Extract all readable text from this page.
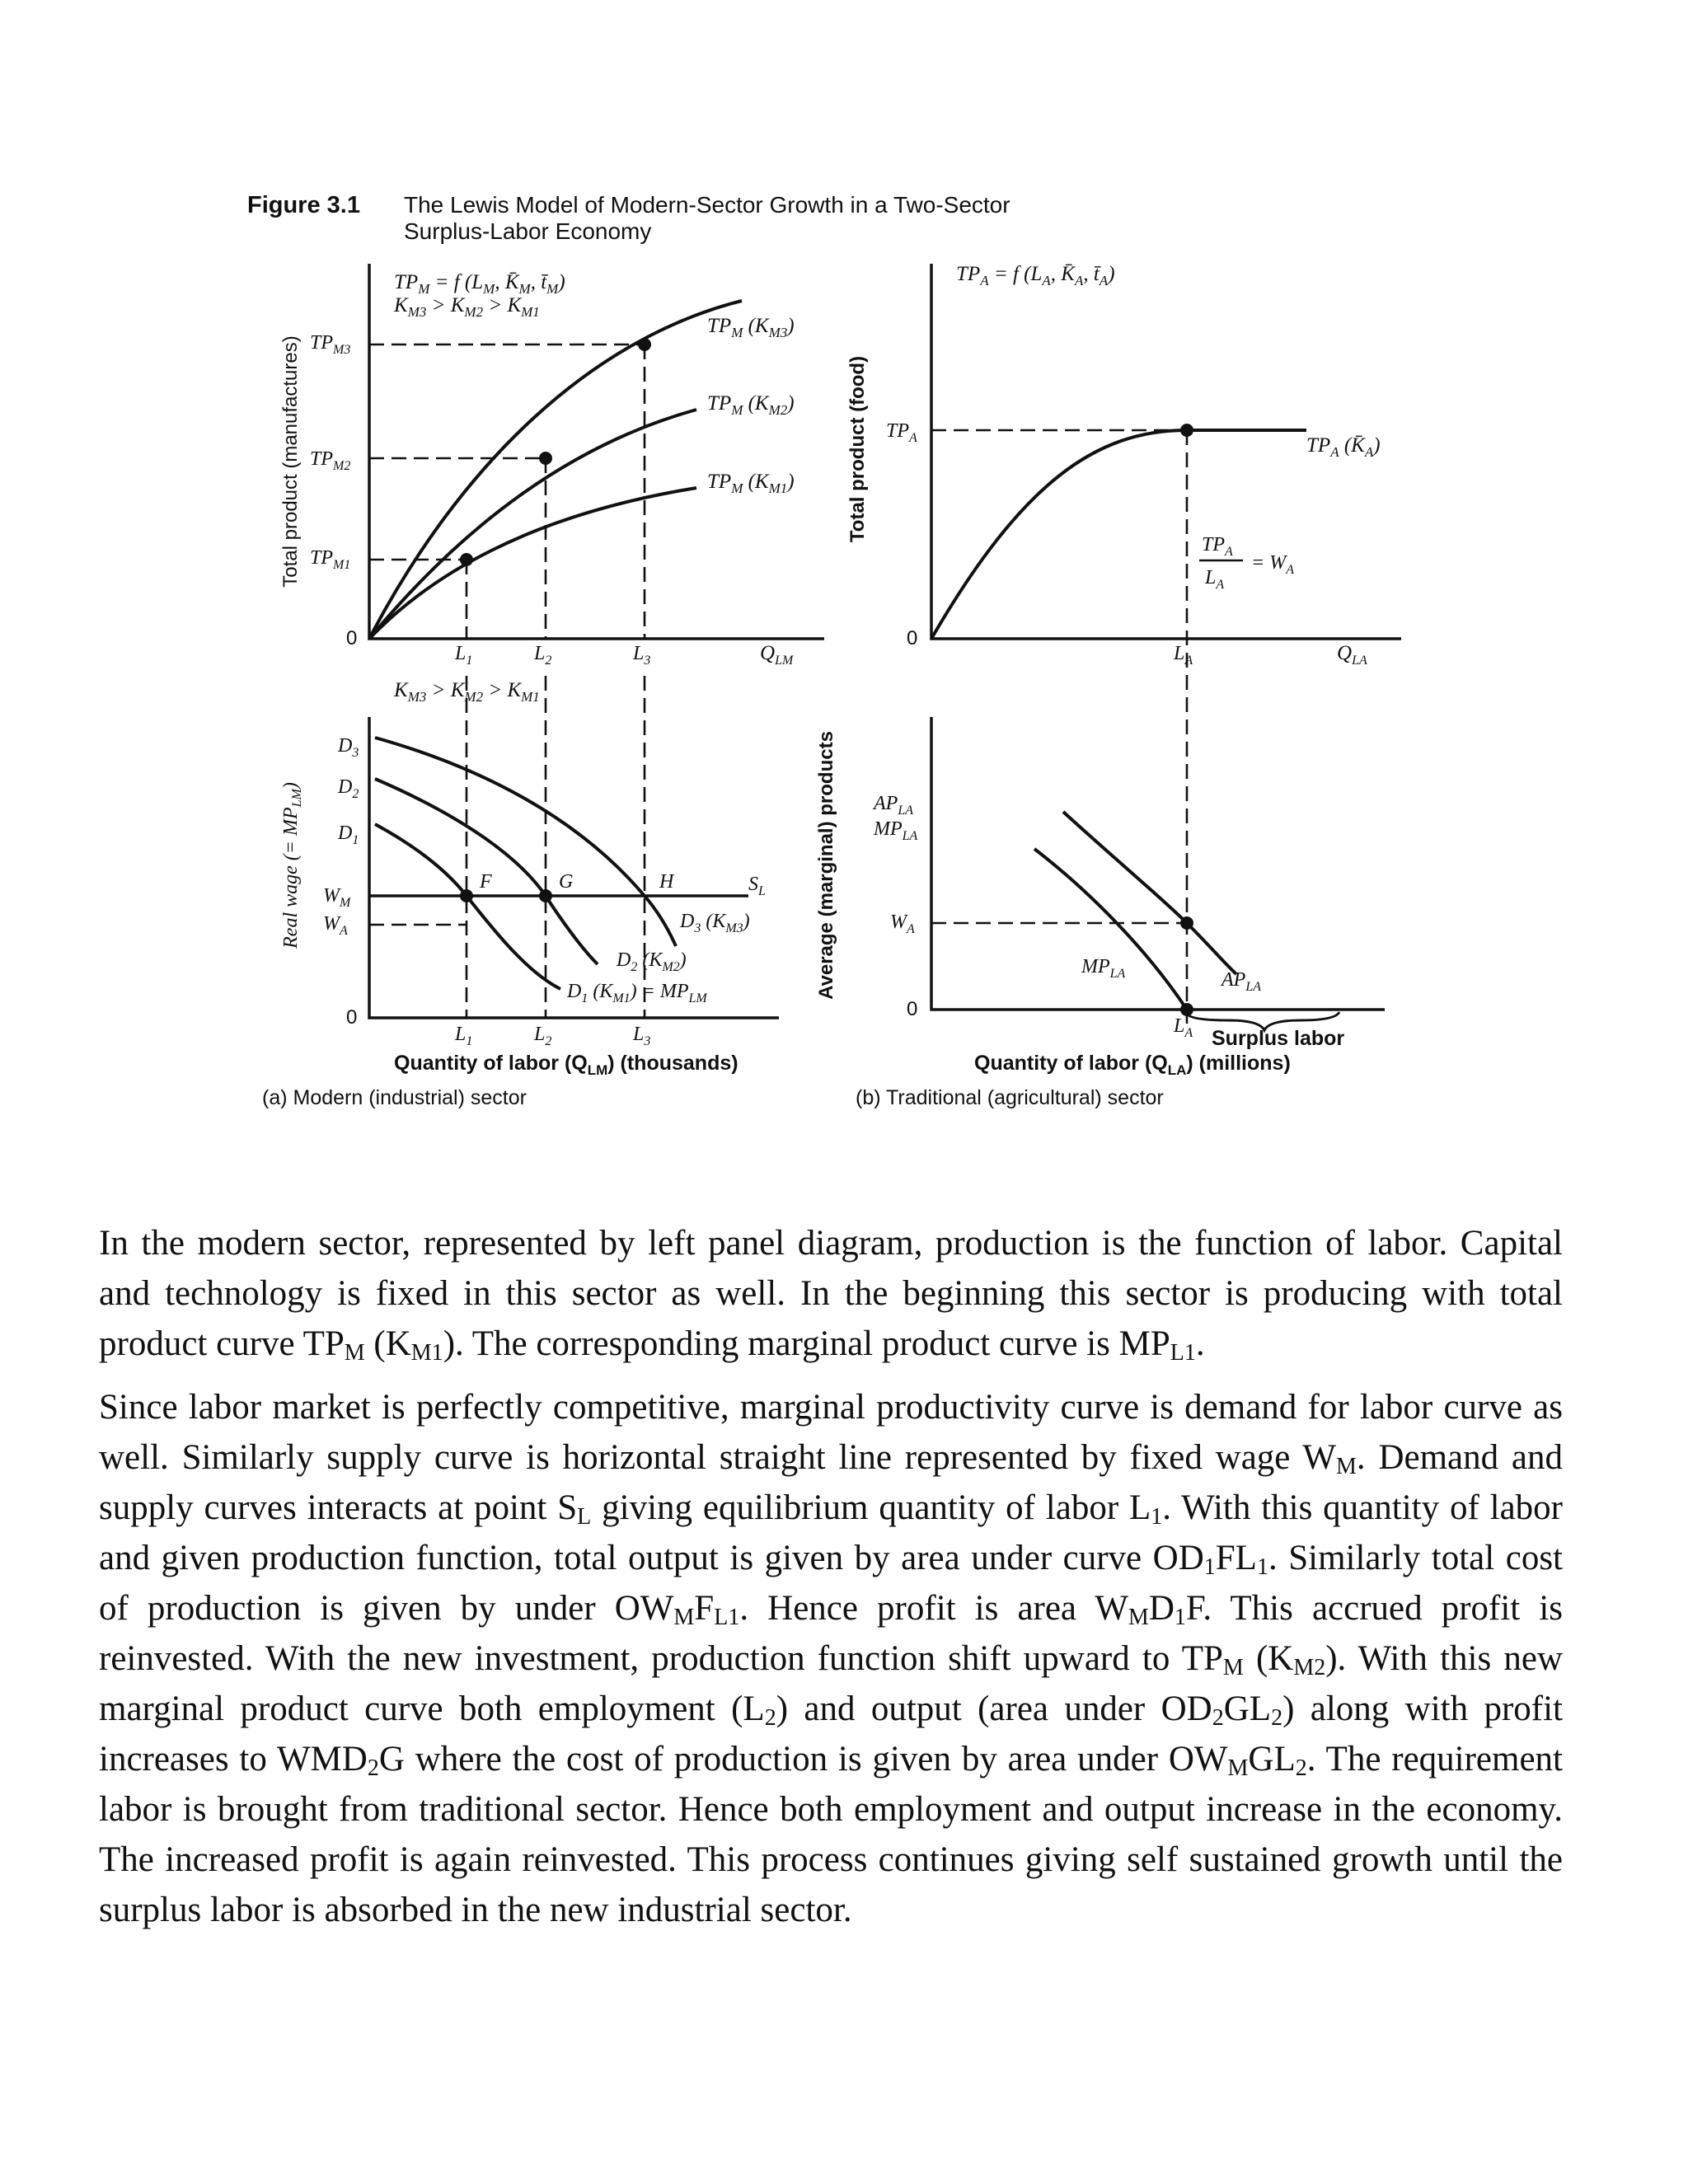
Figure 3.1 The Lewis Model of Modern-Sector Growth in a Two-Sector
Surplus-Labor Economy
$TP_M = f$ ($L_M$, $K̄_M$, $t̄_M$)
$K_{M3} > K_{M2} > K_{M1}$
Total product (manufactures) $TP_{M3}$
$TP_{M2}$
$TP_{M1}$
$TP_M$ $(K_{M3})$
$TP_M$ $(K_{M2})$
$TP_M$ $(K_{M1})$
0
$L_1$	$L_2$	$L_3$	$Q_{LM}$
$K_{M3} > K_{M2} > K_{M1}$
Real wage (= $MP_{LM}$)
$D_3$
$D_2$
$D_1$
$W_M$
$W_A$
F	G	H	$S_L$
$D_3$ $(K_{M3})$
$D_2$ $(K_{M2})$
$D_1$ $(K_{M1}) = MP_{LM}$
0
$L_1$	$L_2$	$L_3$
Quantity of labor $(Q_{LM})$ (thousands)
(a) Modern (industrial) sector
$TP_A = f$ ($L_A$, $K̄_A$, $t̄_A$)
Total product (food) $TP_A$	$TP_A$ $(K̄_A)$
$TP_A$
$L_A$
= $W_A$
0
$L_A$	$Q_{LA}$
Average (marginal) products $AP_{LA}$
$MP_{LA}$
$W_A$
$MP_{LA}$	$AP_{LA}$
0
$L_A$ Surplus labor
Quantity of labor $(Q_{LA})$ (millions)
(b) Traditional (agricultural) sector

In the modern sector, represented by left panel diagram, production is the function of labor. Capital and technology is fixed in this sector as well. In the beginning this sector is producing with total product curve $TP_M$ $(K_{M1})$. The corresponding marginal product curve is $MP_{L1}$.

Since labor market is perfectly competitive, marginal productivity curve is demand for labor curve as well. Similarly supply curve is horizontal straight line represented by fixed wage $W_M$. Demand and supply curves interacts at point $S_L$ giving equilibrium quantity of labor $L_1$. With this quantity of labor and given production function, total output is given by area under curve $OD_1FL_1$. Similarly total cost of production is given by under $OW_MF_{L1}$. Hence profit is area $W_MD_1F$. This accrued profit is reinvested. With the new investment, production function shift upward to $TP_M$ $(K_{M2})$. With this new marginal product curve both employment $(L_2)$ and output (area under $OD_2GL_2$) along with profit increases to $WMD_2G$ where the cost of production is given by area under $OW_MGL_2$. The requirement labor is brought from traditional sector. Hence both employment and output increase in the economy. The increased profit is again reinvested. This process continues giving self sustained growth until the surplus labor is absorbed in the new industrial sector.
